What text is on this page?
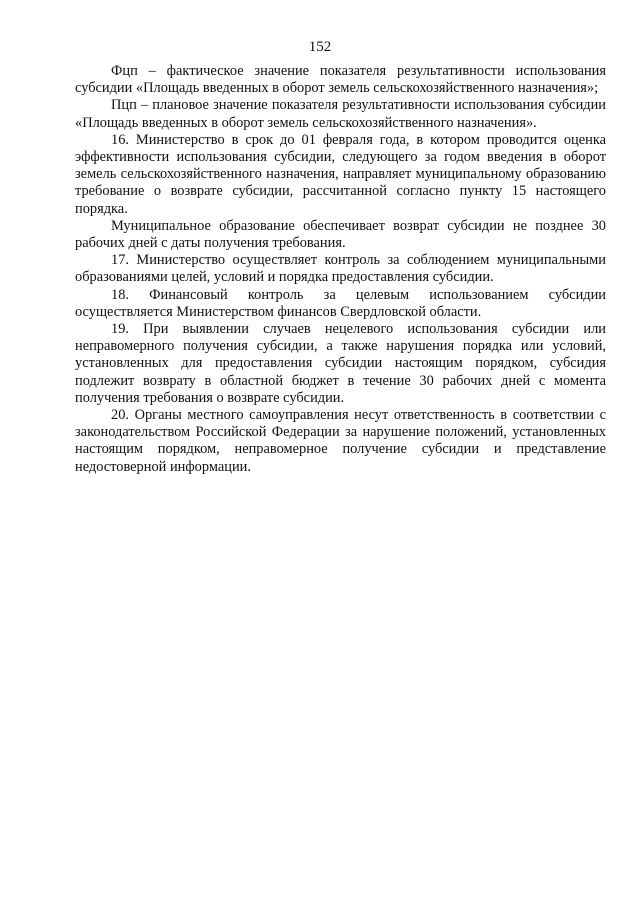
152

Фцп – фактическое значение показателя результативности использования субсидии «Площадь введенных в оборот земель сельскохозяйственного назначения»;

Пцп – плановое значение показателя результативности использования субсидии «Площадь введенных в оборот земель сельскохозяйственного назначения».

16. Министерство в срок до 01 февраля года, в котором проводится оценка эффективности использования субсидии, следующего за годом введения в оборот земель сельскохозяйственного назначения, направляет муниципальному образованию требование о возврате субсидии, рассчитанной согласно пункту 15 настоящего порядка.

Муниципальное образование обеспечивает возврат субсидии не позднее 30 рабочих дней с даты получения требования.

17. Министерство осуществляет контроль за соблюдением муниципальными образованиями целей, условий и порядка предоставления субсидии.

18. Финансовый контроль за целевым использованием субсидии осуществляется Министерством финансов Свердловской области.

19. При выявлении случаев нецелевого использования субсидии или неправомерного получения субсидии, а также нарушения порядка или условий, установленных для предоставления субсидии настоящим порядком, субсидия подлежит возврату в областной бюджет в течение 30 рабочих дней с момента получения требования о возврате субсидии.

20. Органы местного самоуправления несут ответственность в соответствии с законодательством Российской Федерации за нарушение положений, установленных настоящим порядком, неправомерное получение субсидии и представление недостоверной информации.
